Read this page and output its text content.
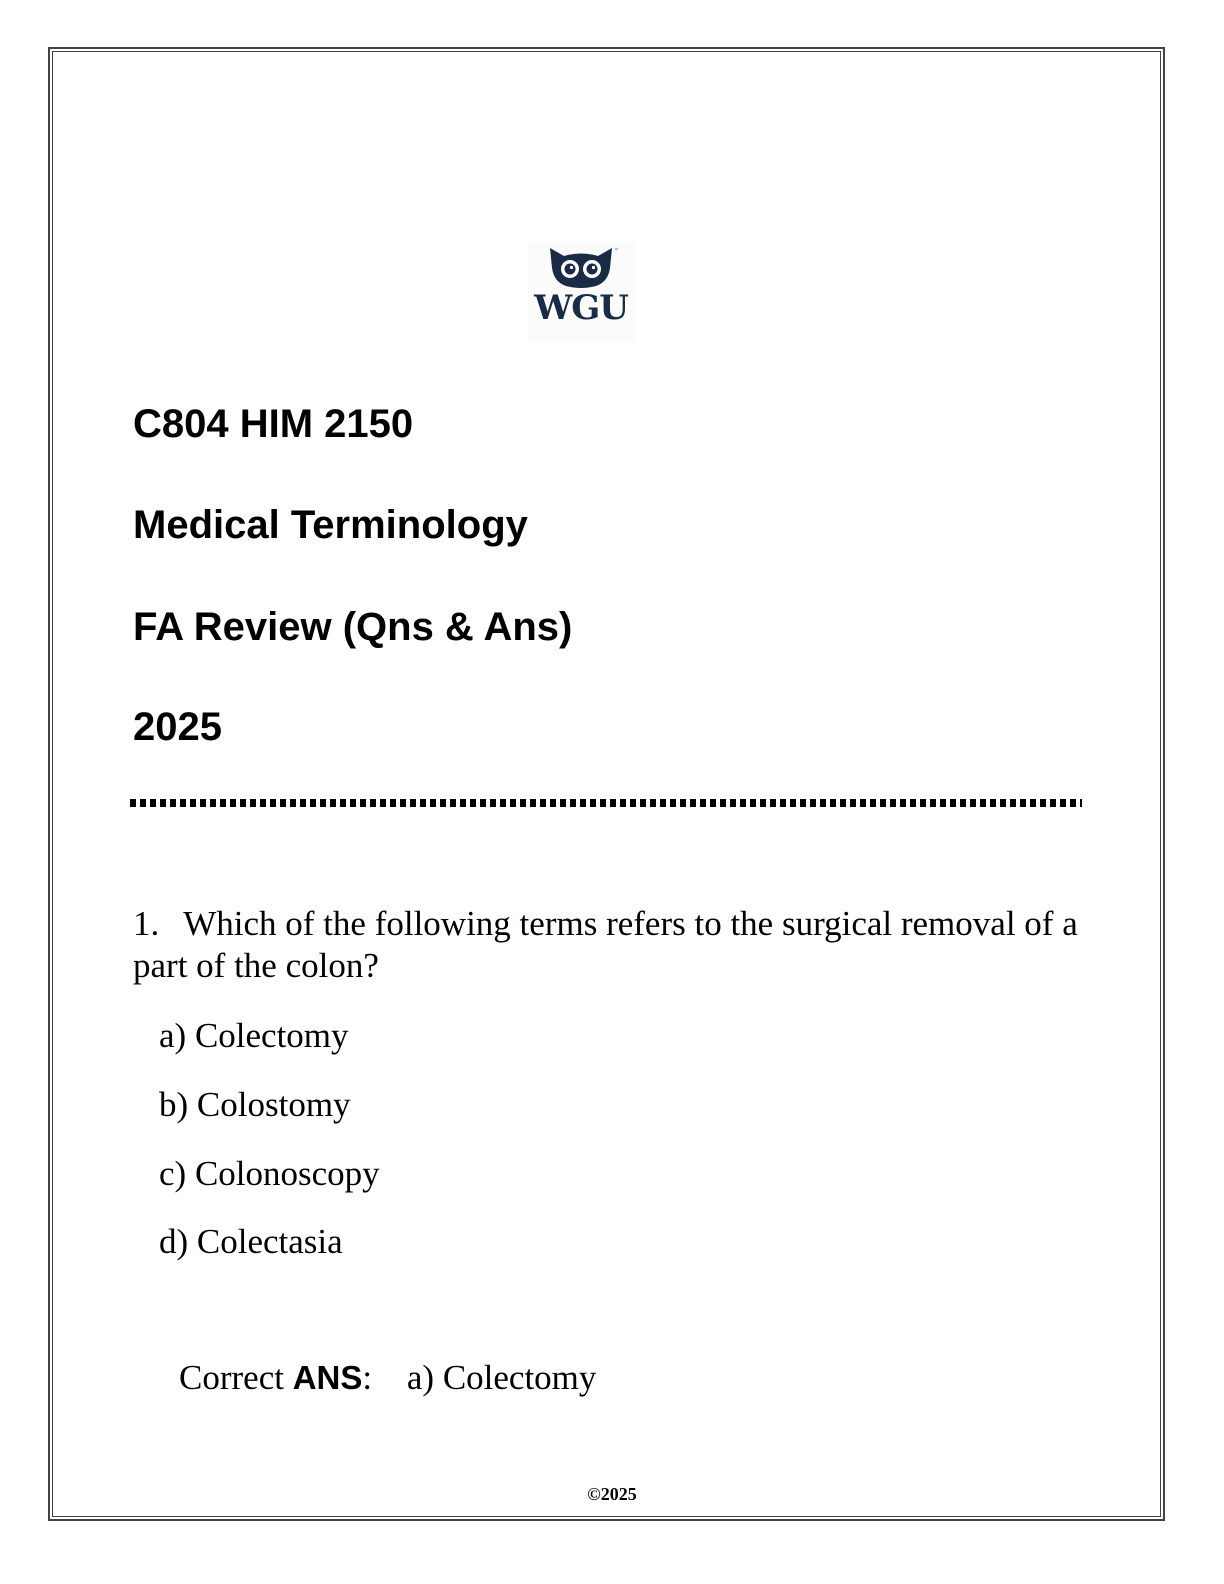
™
WGU
C804 HIM 2150
Medical Terminology
FA Review (Qns & Ans)
2025

1. Which of the following terms refers to the surgical removal of a part of the colon?

a) Colectomy
b) Colostomy
c) Colonoscopy
d) Colectasia
Correct ANS: a) Colectomy
©2025
